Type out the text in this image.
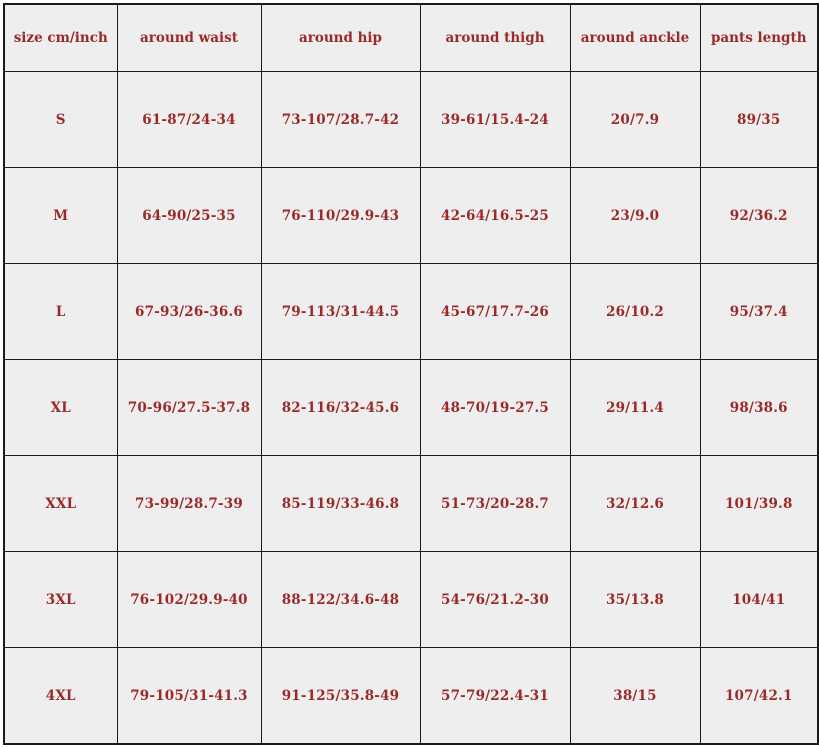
size cm/inch	around waist	around hip	around thigh	around anckle	pants length
S	61-87/24-34	73-107/28.7-42	39-61/15.4-24	20/7.9	89/35
M	64-90/25-35	76-110/29.9-43	42-64/16.5-25	23/9.0	92/36.2
L	67-93/26-36.6	79-113/31-44.5	45-67/17.7-26	26/10.2	95/37.4
XL	70-96/27.5-37.8	82-116/32-45.6	48-70/19-27.5	29/11.4	98/38.6
XXL	73-99/28.7-39	85-119/33-46.8	51-73/20-28.7	32/12.6	101/39.8
3XL	76-102/29.9-40	88-122/34.6-48	54-76/21.2-30	35/13.8	104/41
4XL	79-105/31-41.3	91-125/35.8-49	57-79/22.4-31	38/15	107/42.1
